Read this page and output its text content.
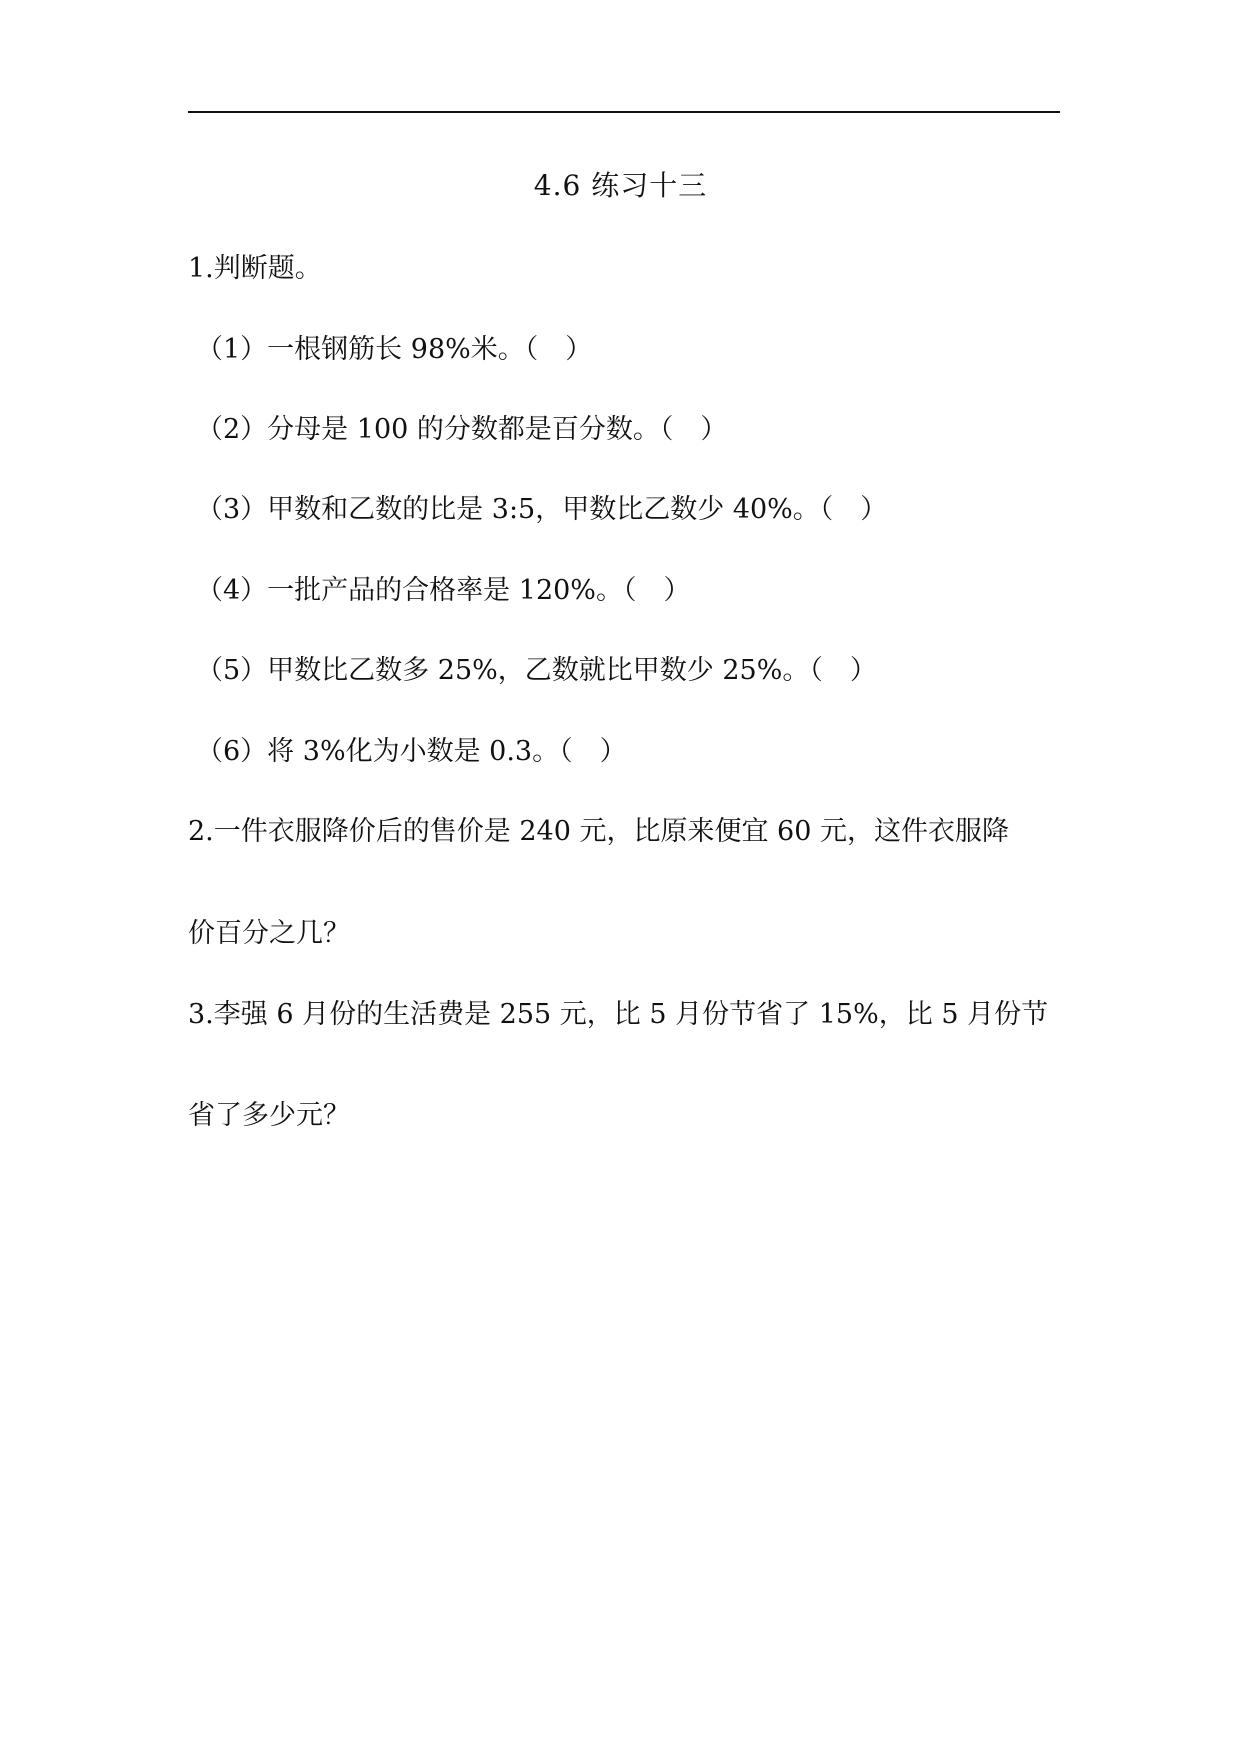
4.6 练习十三
1.判断题。
（1）一根钢筋长 98%米。（　）
（2）分母是 100 的分数都是百分数。（　）
（3）甲数和乙数的比是 3:5，甲数比乙数少 40%。（　）
（4）一批产品的合格率是 120%。（　）
（5）甲数比乙数多 25%，乙数就比甲数少 25%。（　）
（6）将 3%化为小数是 0.3。（　）
2.一件衣服降价后的售价是 240 元，比原来便宜 60 元，这件衣服降
价百分之几？
3.李强 6 月份的生活费是 255 元，比 5 月份节省了 15%，比 5 月份节
省了多少元？
